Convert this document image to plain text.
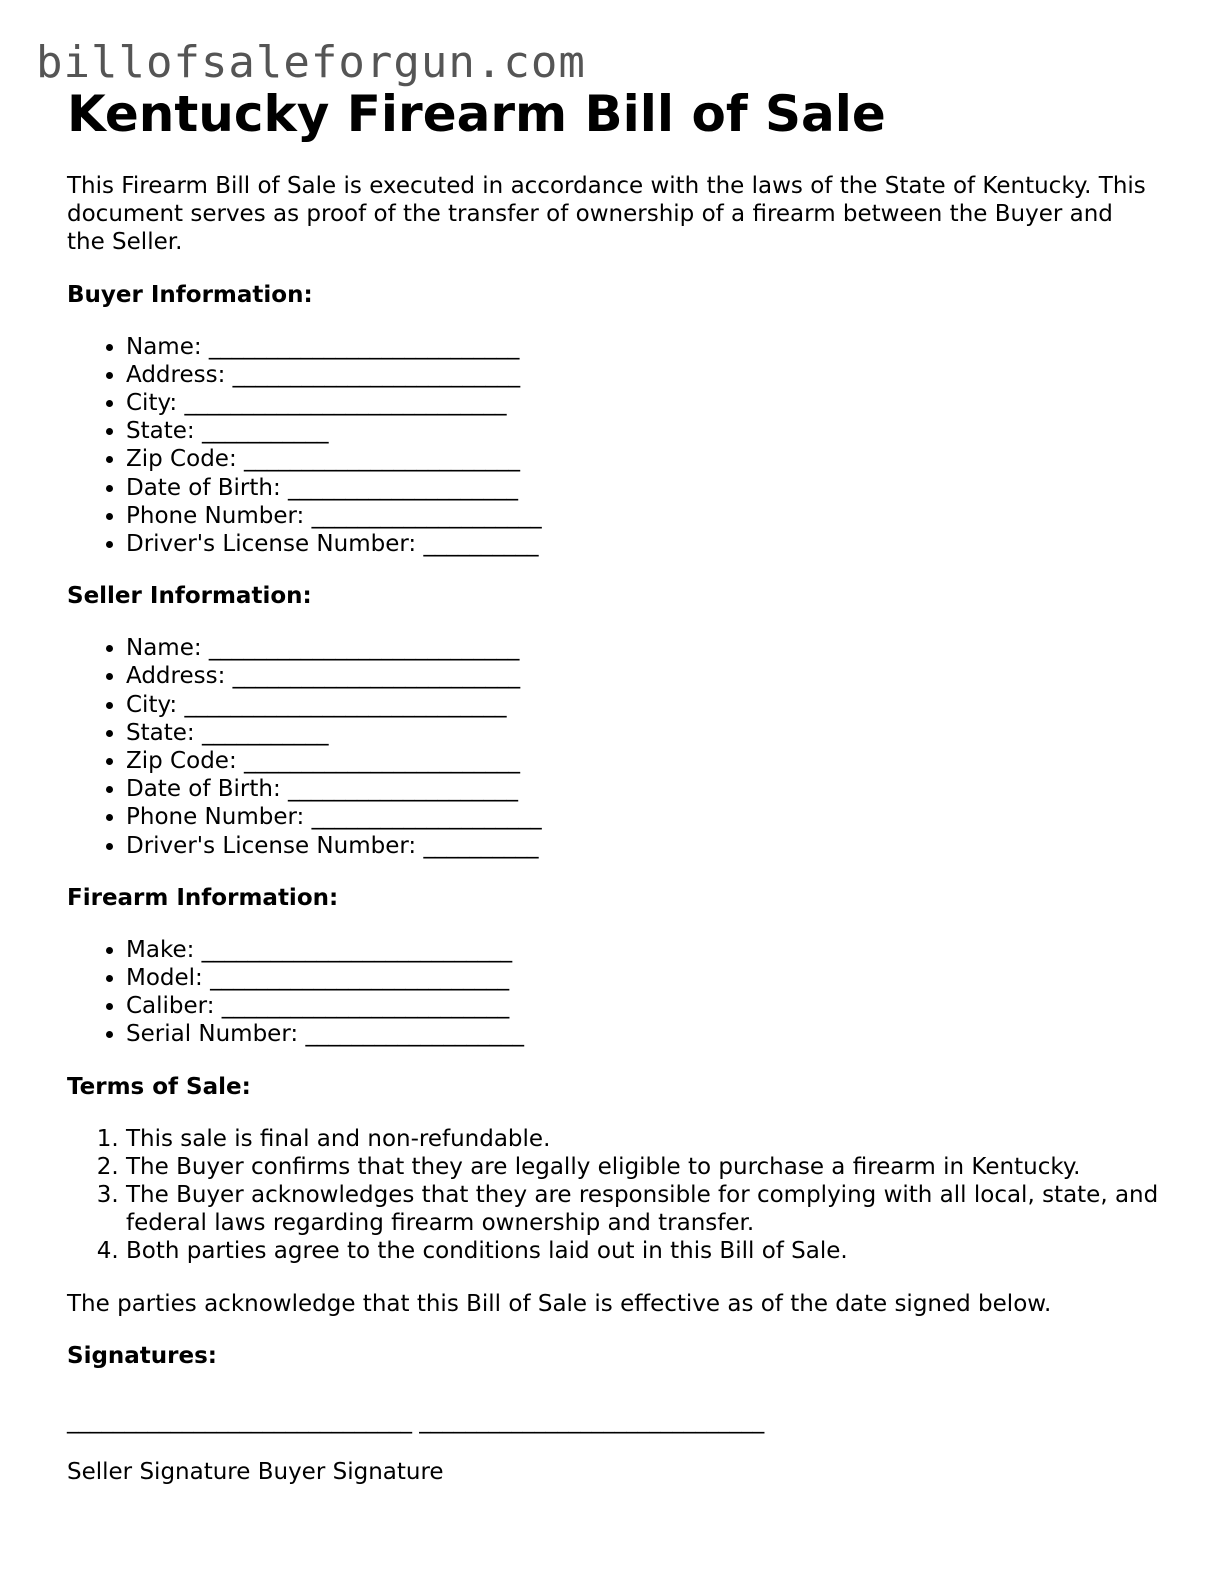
billofsaleforgun.com
Kentucky Firearm Bill of Sale

This Firearm Bill of Sale is executed in accordance with the laws of the State of Kentucky. This document serves as proof of the transfer of ownership of a firearm between the Buyer and the Seller.

Buyer Information:
• Name: ___________________________
• Address: _________________________
• City: ____________________________
• State: ___________
• Zip Code: ________________________
• Date of Birth: ____________________
• Phone Number: ____________________
• Driver's License Number: __________
Seller Information:
• Name: ___________________________
• Address: _________________________
• City: ____________________________
• State: ___________
• Zip Code: ________________________
• Date of Birth: ____________________
• Phone Number: ____________________
• Driver's License Number: __________
Firearm Information:
• Make: ___________________________
• Model: __________________________
• Caliber: _________________________
• Serial Number: ___________________
Terms of Sale:
1. This sale is final and non-refundable.
2. The Buyer confirms that they are legally eligible to purchase a firearm in Kentucky.
3. The Buyer acknowledges that they are responsible for complying with all local, state, and federal laws regarding firearm ownership and transfer.
4. Both parties agree to the conditions laid out in this Bill of Sale.

The parties acknowledge that this Bill of Sale is effective as of the date signed below.

Signatures:
______________________________ ______________________________
Seller Signature Buyer Signature
